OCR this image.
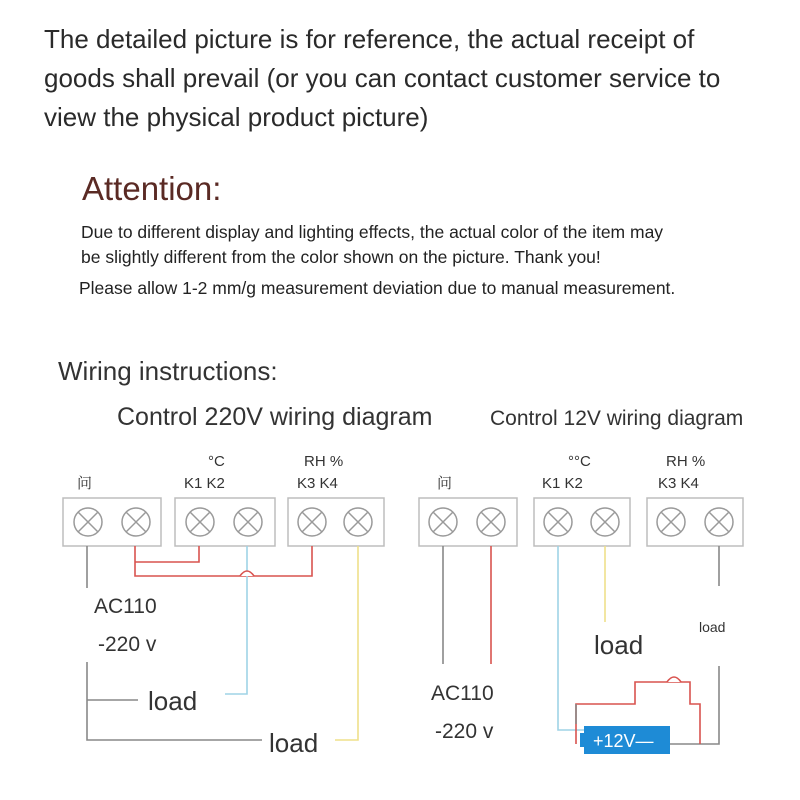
The detailed picture is for reference, the actual receipt of
goods shall prevail (or you can contact customer service to
view the physical product picture)
Attention:
Due to different display and lighting effects, the actual color of the item may
be slightly different from the color shown on the picture. Thank you!
Please allow 1-2 mm/g measurement deviation due to manual measurement.
Wiring instructions:
Control 220V wiring diagram	Control 12V wiring diagram
问
°C
K1 K2
RH %
K3 K4
AC110
-220 v
load
load
问
°°C
K1 K2
RH %
K3 K4
+12V—
AC110
-220 v
load
load
